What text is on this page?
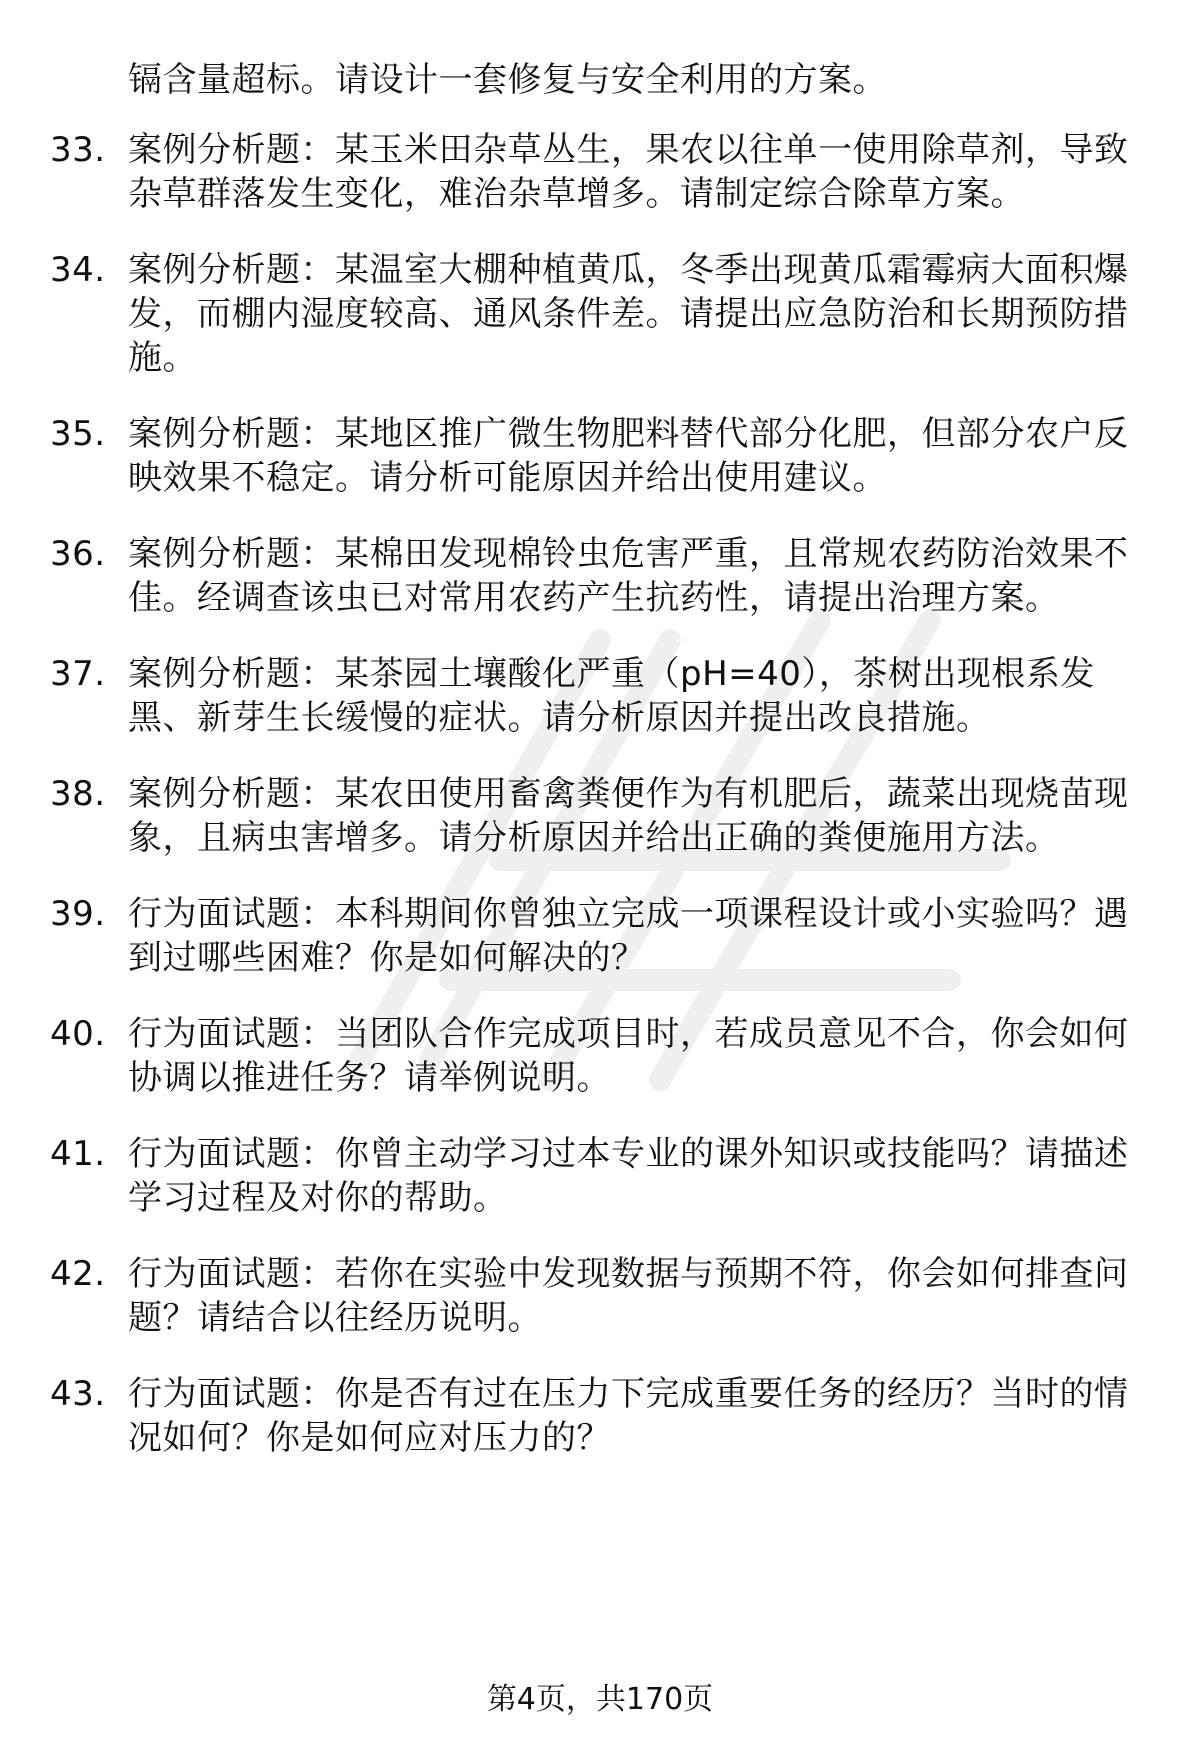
镉含量超标。请设计一套修复与安全利用的方案。
33. 案例分析题：某玉米田杂草丛生，果农以往单一使用除草剂，导致杂草群落发生变化，难治杂草增多。请制定综合除草方案。
34. 案例分析题：某温室大棚种植黄瓜，冬季出现黄瓜霜霉病大面积爆发，而棚内湿度较高、通风条件差。请提出应急防治和长期预防措施。
35. 案例分析题：某地区推广微生物肥料替代部分化肥，但部分农户反映效果不稳定。请分析可能原因并给出使用建议。
36. 案例分析题：某棉田发现棉铃虫危害严重，且常规农药防治效果不佳。经调查该虫已对常用农药产生抗药性，请提出治理方案。
37. 案例分析题：某茶园土壤酸化严重（pH=40），茶树出现根系发黑、新芽生长缓慢的症状。请分析原因并提出改良措施。
38. 案例分析题：某农田使用畜禽粪便作为有机肥后，蔬菜出现烧苗现象，且病虫害增多。请分析原因并给出正确的粪便施用方法。
39. 行为面试题：本科期间你曾独立完成一项课程设计或小实验吗？遇到过哪些困难？你是如何解决的？
40. 行为面试题：当团队合作完成项目时，若成员意见不合，你会如何协调以推进任务？请举例说明。
41. 行为面试题：你曾主动学习过本专业的课外知识或技能吗？请描述学习过程及对你的帮助。
42. 行为面试题：若你在实验中发现数据与预期不符，你会如何排查问题？请结合以往经历说明。
43. 行为面试题：你是否有过在压力下完成重要任务的经历？当时的情况如何？你是如何应对压力的？
第4页，共170页
